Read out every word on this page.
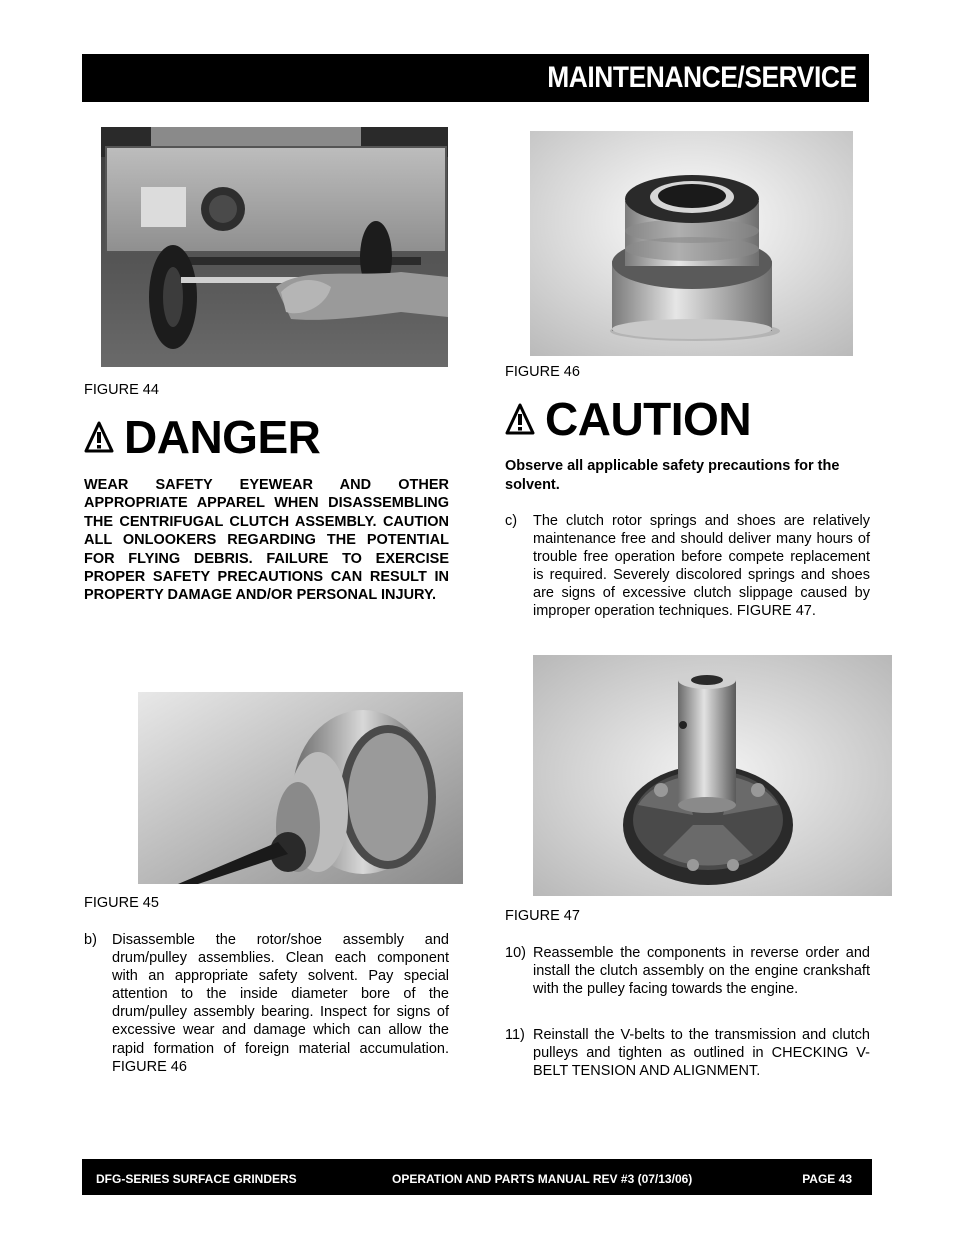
MAINTENANCE/SERVICE
FIGURE 44
DANGER
WEAR SAFETY EYEWEAR AND OTHER APPROPRIATE APPAREL WHEN DISASSEMBLING THE CENTRIFUGAL CLUTCH ASSEMBLY. CAUTION ALL ONLOOKERS REGARDING THE POTENTIAL FOR FLYING DEBRIS. FAILURE TO EXERCISE PROPER SAFETY PRECAUTIONS CAN RESULT IN PROPERTY DAMAGE AND/OR PERSONAL INJURY.
FIGURE 45
b)	Disassemble the rotor/shoe assembly and drum/pulley assemblies. Clean each component with an appropriate safety solvent. Pay special attention to the inside diameter bore of the drum/pulley assembly bearing. Inspect for signs of excessive wear and damage which can allow the rapid formation of foreign material accumulation. FIGURE 46
FIGURE 46
CAUTION
Observe all applicable safety precautions for the solvent.
c)	The clutch rotor springs and shoes are relatively maintenance free and should deliver many hours of trouble free operation before compete replacement is required. Severely discolored springs and shoes are signs of excessive clutch slippage caused by improper operation techniques. FIGURE 47.
FIGURE 47
10) Reassemble the components in reverse order and install the clutch assembly on the engine crankshaft with the pulley facing towards the engine.
11) Reinstall the V-belts to the transmission and clutch pulleys and tighten as outlined in CHECKING V-BELT TENSION AND ALIGNMENT.
DFG-SERIES SURFACE GRINDERS	OPERATION AND PARTS MANUAL REV #3 (07/13/06)	PAGE 43
